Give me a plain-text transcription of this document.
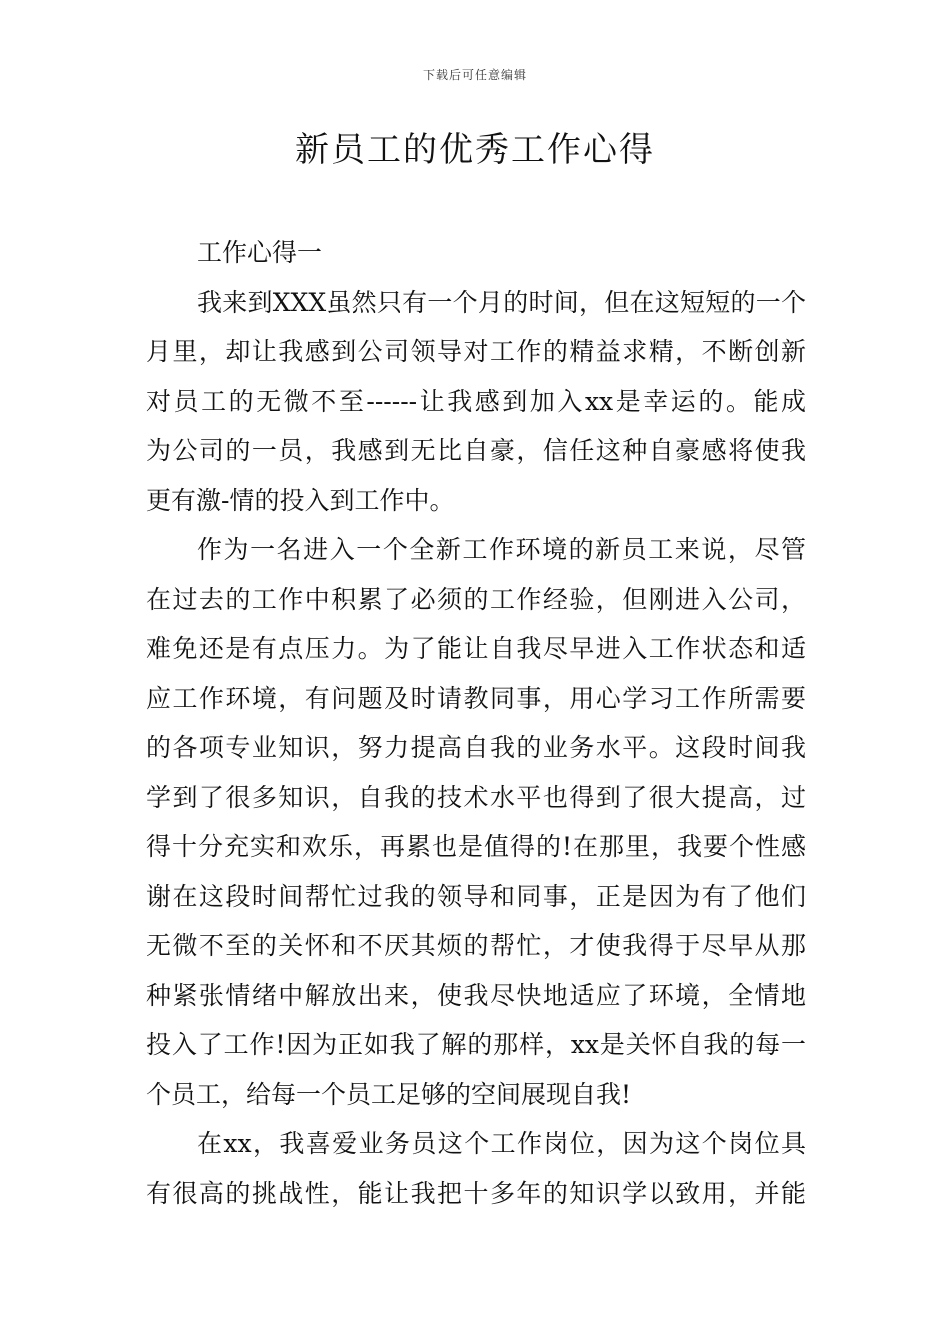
下载后可任意编辑
新员工的优秀工作心得
工作心得一
我来到XXX虽然只有一个月的时间，但在这短短的一个
月里，却让我感到公司领导对工作的精益求精，不断创新
对员工的无微不至------让我感到加入xx是幸运的。能成
为公司的一员，我感到无比自豪，信任这种自豪感将使我
更有激-情的投入到工作中。
作为一名进入一个全新工作环境的新员工来说，尽管
在过去的工作中积累了必须的工作经验，但刚进入公司，
难免还是有点压力。为了能让自我尽早进入工作状态和适
应工作环境，有问题及时请教同事，用心学习工作所需要
的各项专业知识，努力提高自我的业务水平。这段时间我
学到了很多知识，自我的技术水平也得到了很大提高，过
得十分充实和欢乐，再累也是值得的!在那里，我要个性感
谢在这段时间帮忙过我的领导和同事，正是因为有了他们
无微不至的关怀和不厌其烦的帮忙，才使我得于尽早从那
种紧张情绪中解放出来，使我尽快地适应了环境，全情地
投入了工作!因为正如我了解的那样，xx是关怀自我的每一
个员工，给每一个员工足够的空间展现自我!
在xx，我喜爱业务员这个工作岗位，因为这个岗位具
有很高的挑战性，能让我把十多年的知识学以致用，并能
